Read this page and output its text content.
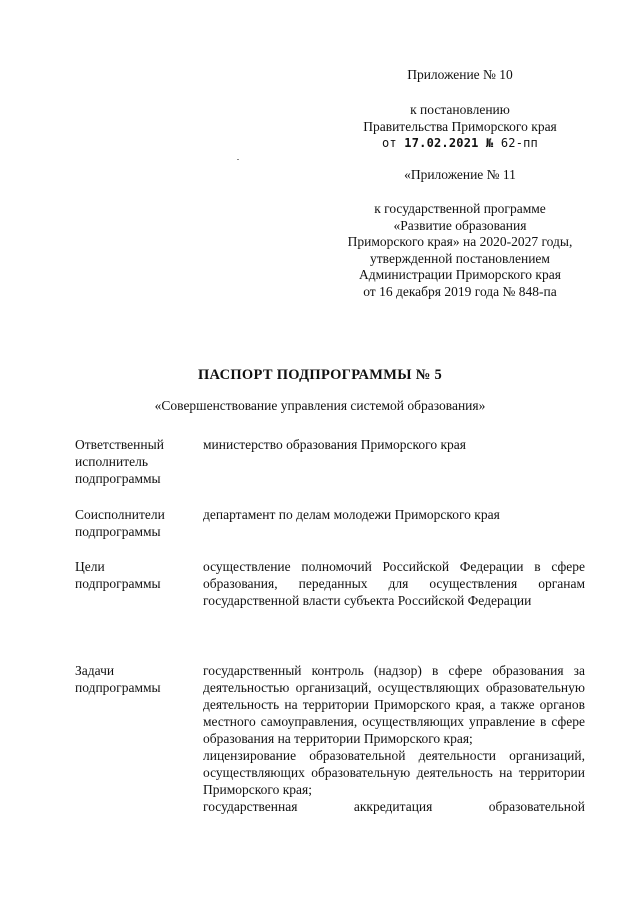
Приложение № 10
к постановлению
Правительства Приморского края
от 17.02.2021 № 62-пп
«Приложение № 11
к государственной программе
«Развитие образования
Приморского края» на 2020-2027 годы,
утвержденной постановлением
Администрации Приморского края
от 16 декабря 2019 года № 848-па
ПАСПОРТ ПОДПРОГРАММЫ № 5
«Совершенствование управления системой образования»
Ответственный
исполнитель
подпрограммы

министерство образования Приморского края

Соисполнители
подпрограммы

департамент по делам молодежи Приморского края

Цели
подпрограммы

осуществление полномочий Российской Федерации в сфере образования, переданных для осуществления органам государственной власти субъекта Российской Федерации

Задачи
подпрограммы

государственный контроль (надзор) в сфере образования за деятельностью организаций, осуществляющих образовательную деятельность на территории Приморского края, а также органов местного самоуправления, осуществляющих управление в сфере образования на территории Приморского края;

лицензирование образовательной деятельности организаций, осуществляющих образовательную деятельность на территории Приморского края;

государственная аккредитация образовательной
